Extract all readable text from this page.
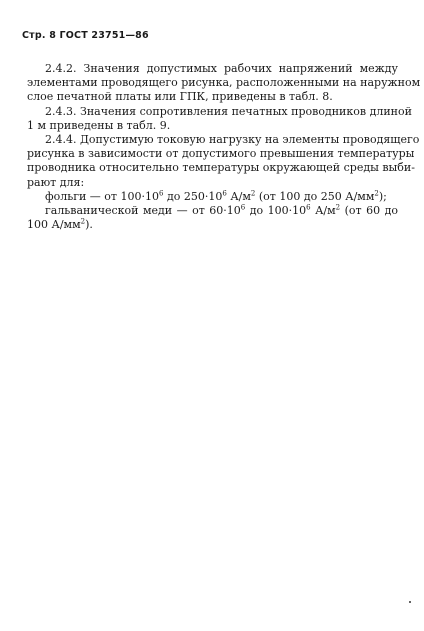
Стр. 8 ГОСТ 23751—86
2.4.2. Значения допустимых рабочих напряжений между
элементами проводящего рисунка, расположенными на наружном
слое печатной платы или ГПК, приведены в табл. 8.
2.4.3. Значения сопротивления печатных проводников длиной
1 м приведены в табл. 9.
2.4.4. Допустимую токовую нагрузку на элементы проводящего
рисунка в зависимости от допустимого превышения температуры
проводника относительно температуры окружающей среды выби-
рают для:
фольги — от $100\cdot 10^6$ до $250\cdot 10^6$ $А/м^2$ (от 100 до 250 $А/мм^2$);
гальванической меди — от $60\cdot 10^6$ до $100\cdot 10^6$ $А/м^2$ (от 60 до
100 $А/мм^2$).
